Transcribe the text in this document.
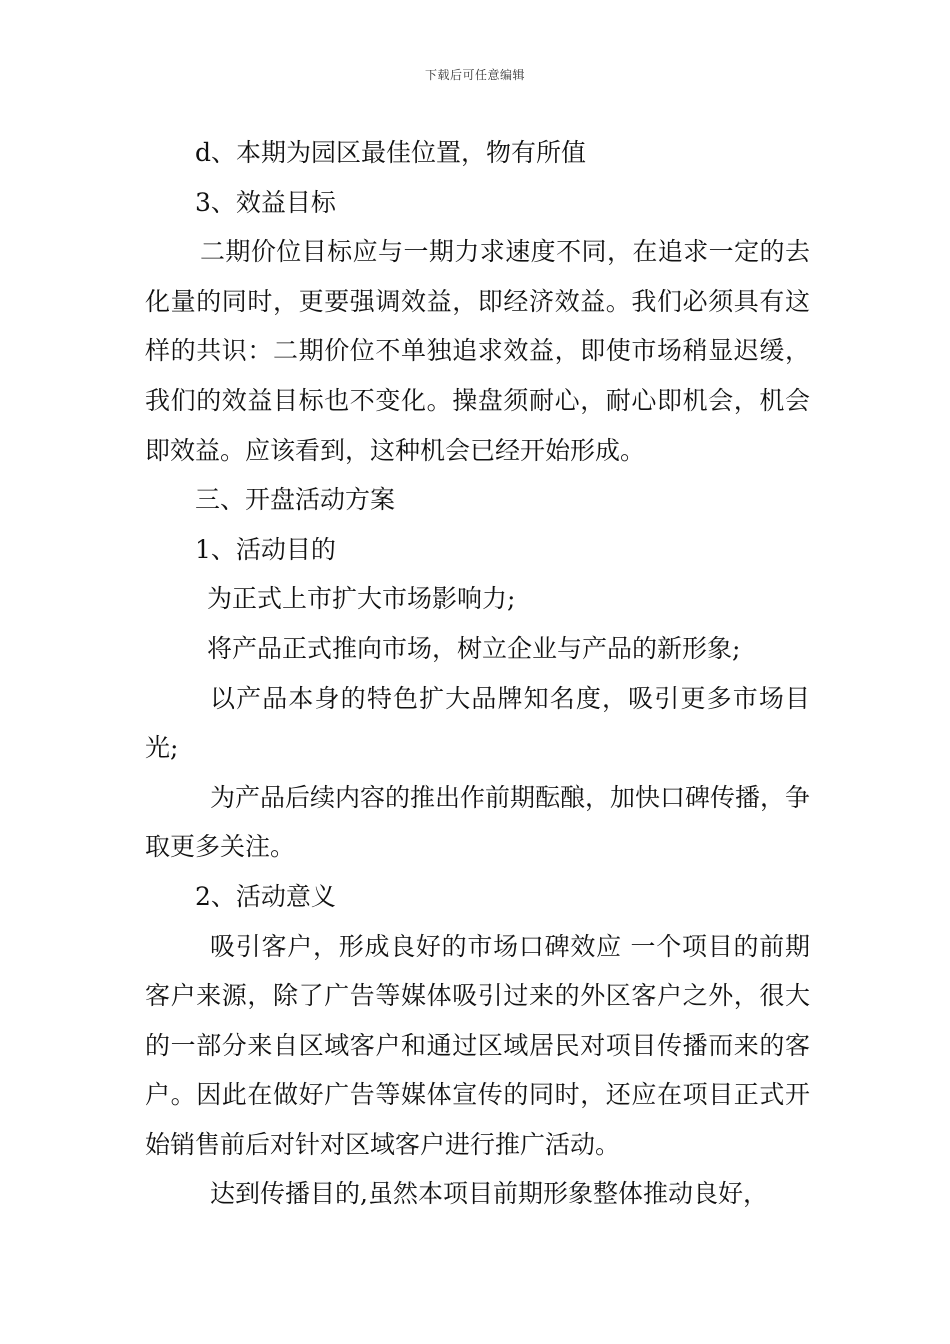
下载后可任意编辑

d、本期为园区最佳位置，物有所值

3、效益目标

二期价位目标应与一期力求速度不同，在追求一定的去化量的同时，更要强调效益，即经济效益。我们必须具有这样的共识：二期价位不单独追求效益，即使市场稍显迟缓，我们的效益目标也不变化。操盘须耐心，耐心即机会，机会即效益。应该看到，这种机会已经开始形成。

三、开盘活动方案

1、活动目的

为正式上市扩大市场影响力;

将产品正式推向市场，树立企业与产品的新形象;

以产品本身的特色扩大品牌知名度，吸引更多市场目光;

为产品后续内容的推出作前期酝酿，加快口碑传播，争取更多关注。

2、活动意义

吸引客户，形成良好的市场口碑效应 一个项目的前期客户来源，除了广告等媒体吸引过来的外区客户之外，很大的一部分来自区域客户和通过区域居民对项目传播而来的客户。因此在做好广告等媒体宣传的同时，还应在项目正式开始销售前后对针对区域客户进行推广活动。

达到传播目的,虽然本项目前期形象整体推动良好，
